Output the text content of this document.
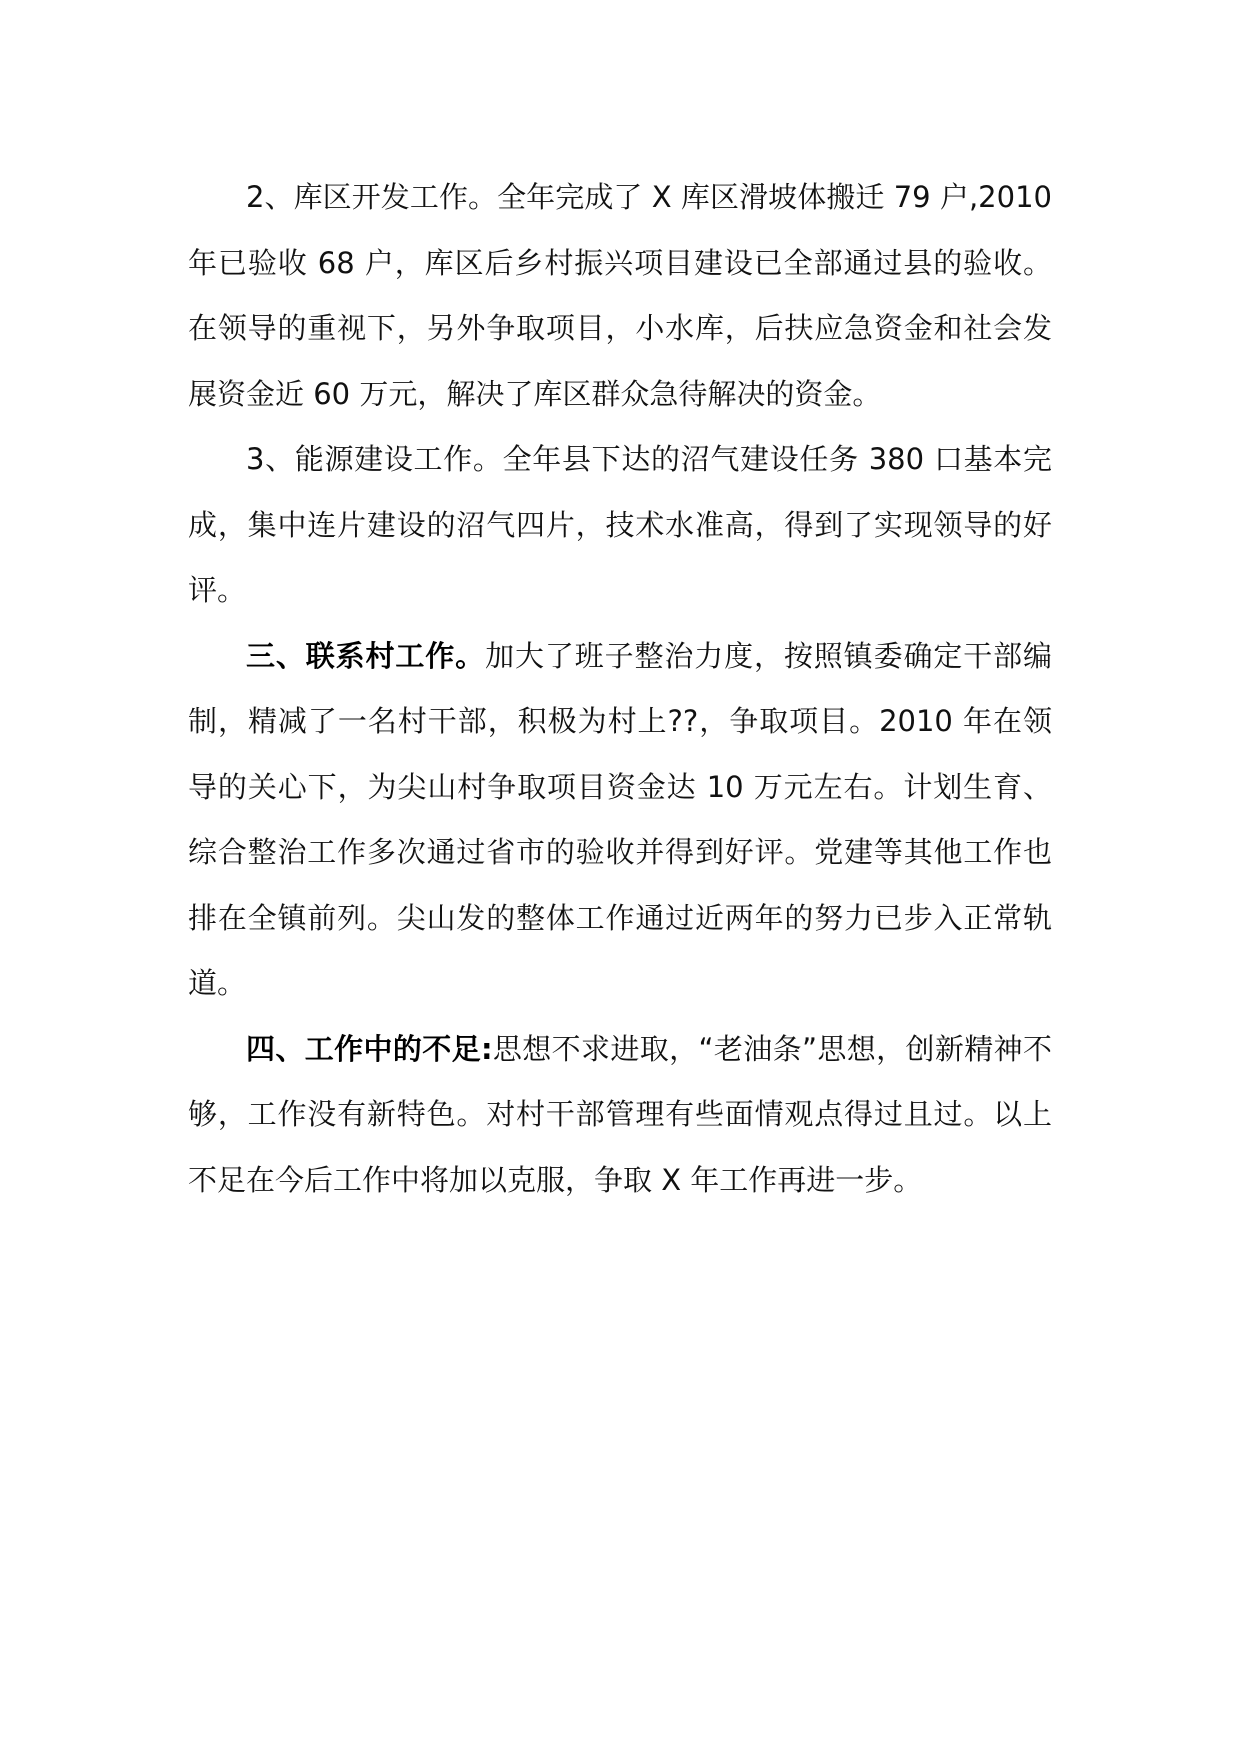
2、库区开发工作。全年完成了 X 库区滑坡体搬迁 79 户,2010 年已验收 68 户，库区后乡村振兴项目建设已全部通过县的验收。在领导的重视下，另外争取项目，小水库，后扶应急资金和社会发展资金近 60 万元，解决了库区群众急待解决的资金。

3、能源建设工作。全年县下达的沼气建设任务 380 口基本完成，集中连片建设的沼气四片，技术水准高，得到了实现领导的好评。

三、联系村工作。加大了班子整治力度，按照镇委确定干部编制，精减了一名村干部，积极为村上??，争取项目。2010 年在领导的关心下，为尖山村争取项目资金达 10 万元左右。计划生育、综合整治工作多次通过省市的验收并得到好评。党建等其他工作也排在全镇前列。尖山发的整体工作通过近两年的努力已步入正常轨道。

四、工作中的不足:思想不求进取，“老油条”思想，创新精神不够，工作没有新特色。对村干部管理有些面情观点得过且过。以上不足在今后工作中将加以克服，争取 X 年工作再进一步。
